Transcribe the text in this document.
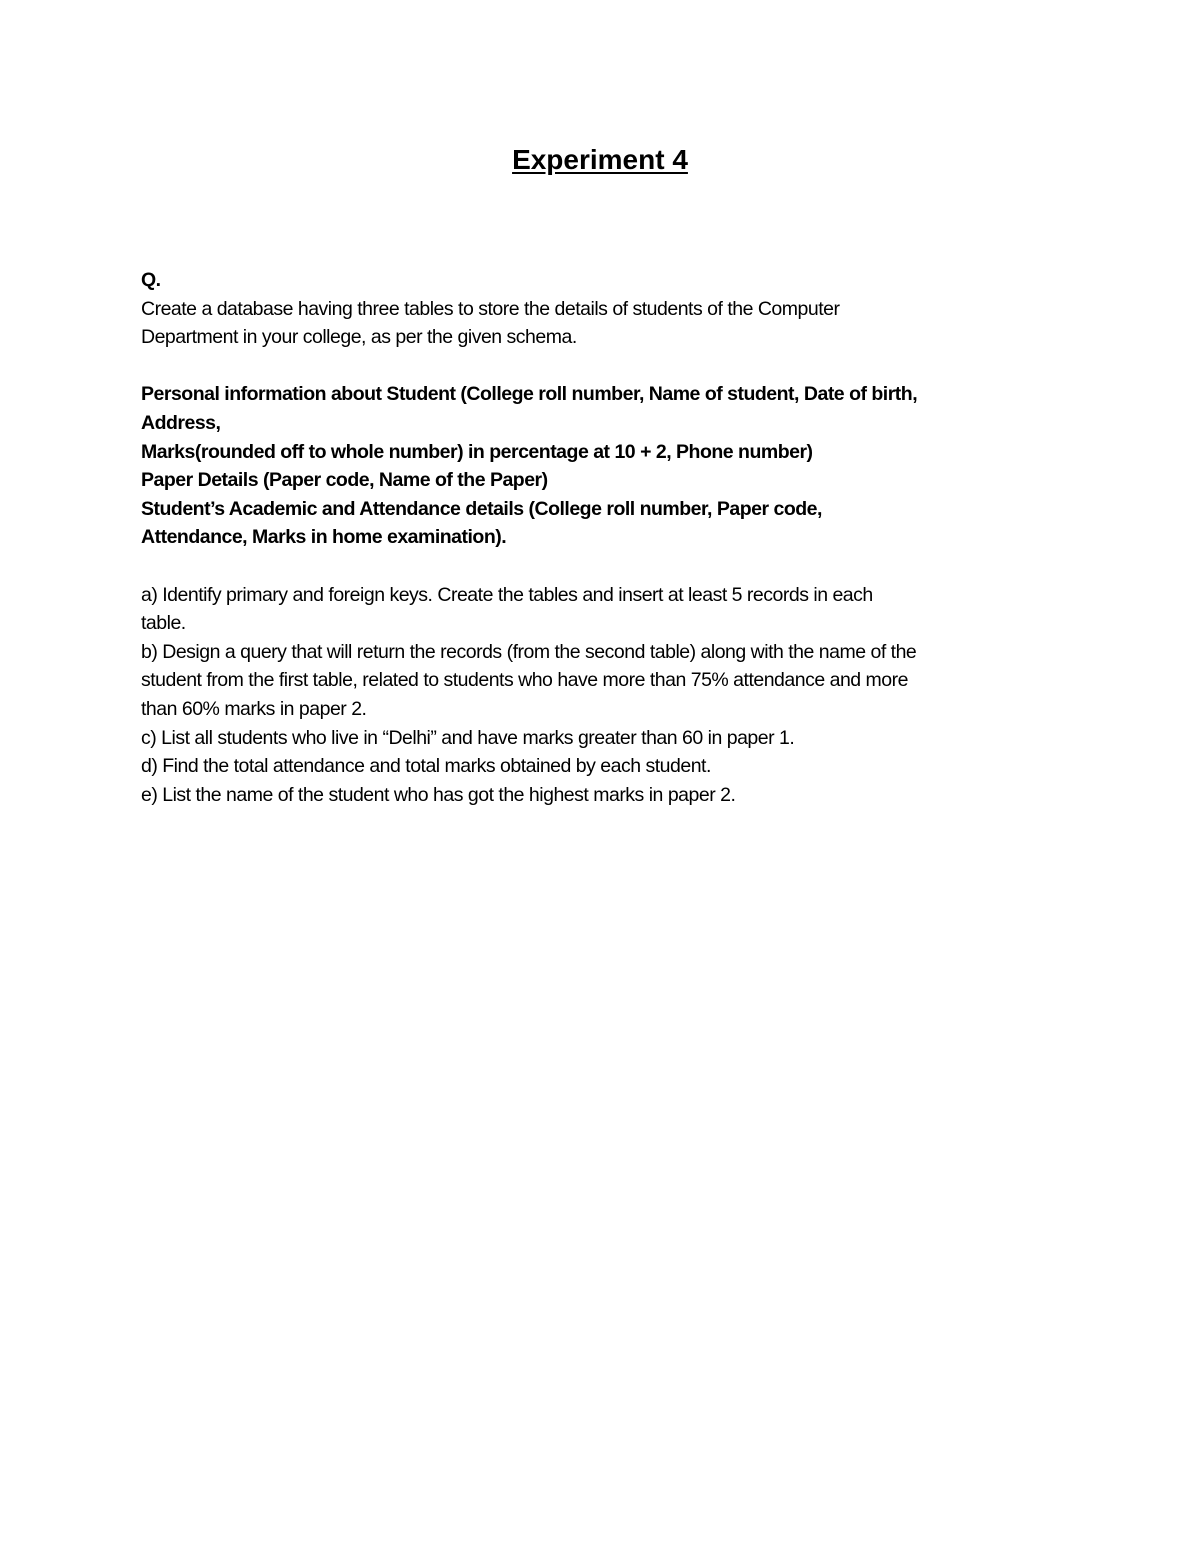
Experiment 4
Q.
Create a database having three tables to store the details of students of the Computer
Department in your college, as per the given schema.
Personal information about Student (College roll number, Name of student, Date of birth,
Address,
Marks(rounded off to whole number) in percentage at 10 + 2, Phone number)
Paper Details (Paper code, Name of the Paper)
Student’s Academic and Attendance details (College roll number, Paper code,
Attendance, Marks in home examination).
a) Identify primary and foreign keys. Create the tables and insert at least 5 records in each
table.
b) Design a query that will return the records (from the second table) along with the name of the
student from the first table, related to students who have more than 75% attendance and more
than 60% marks in paper 2.
c) List all students who live in “Delhi” and have marks greater than 60 in paper 1.
d) Find the total attendance and total marks obtained by each student.
e) List the name of the student who has got the highest marks in paper 2.
